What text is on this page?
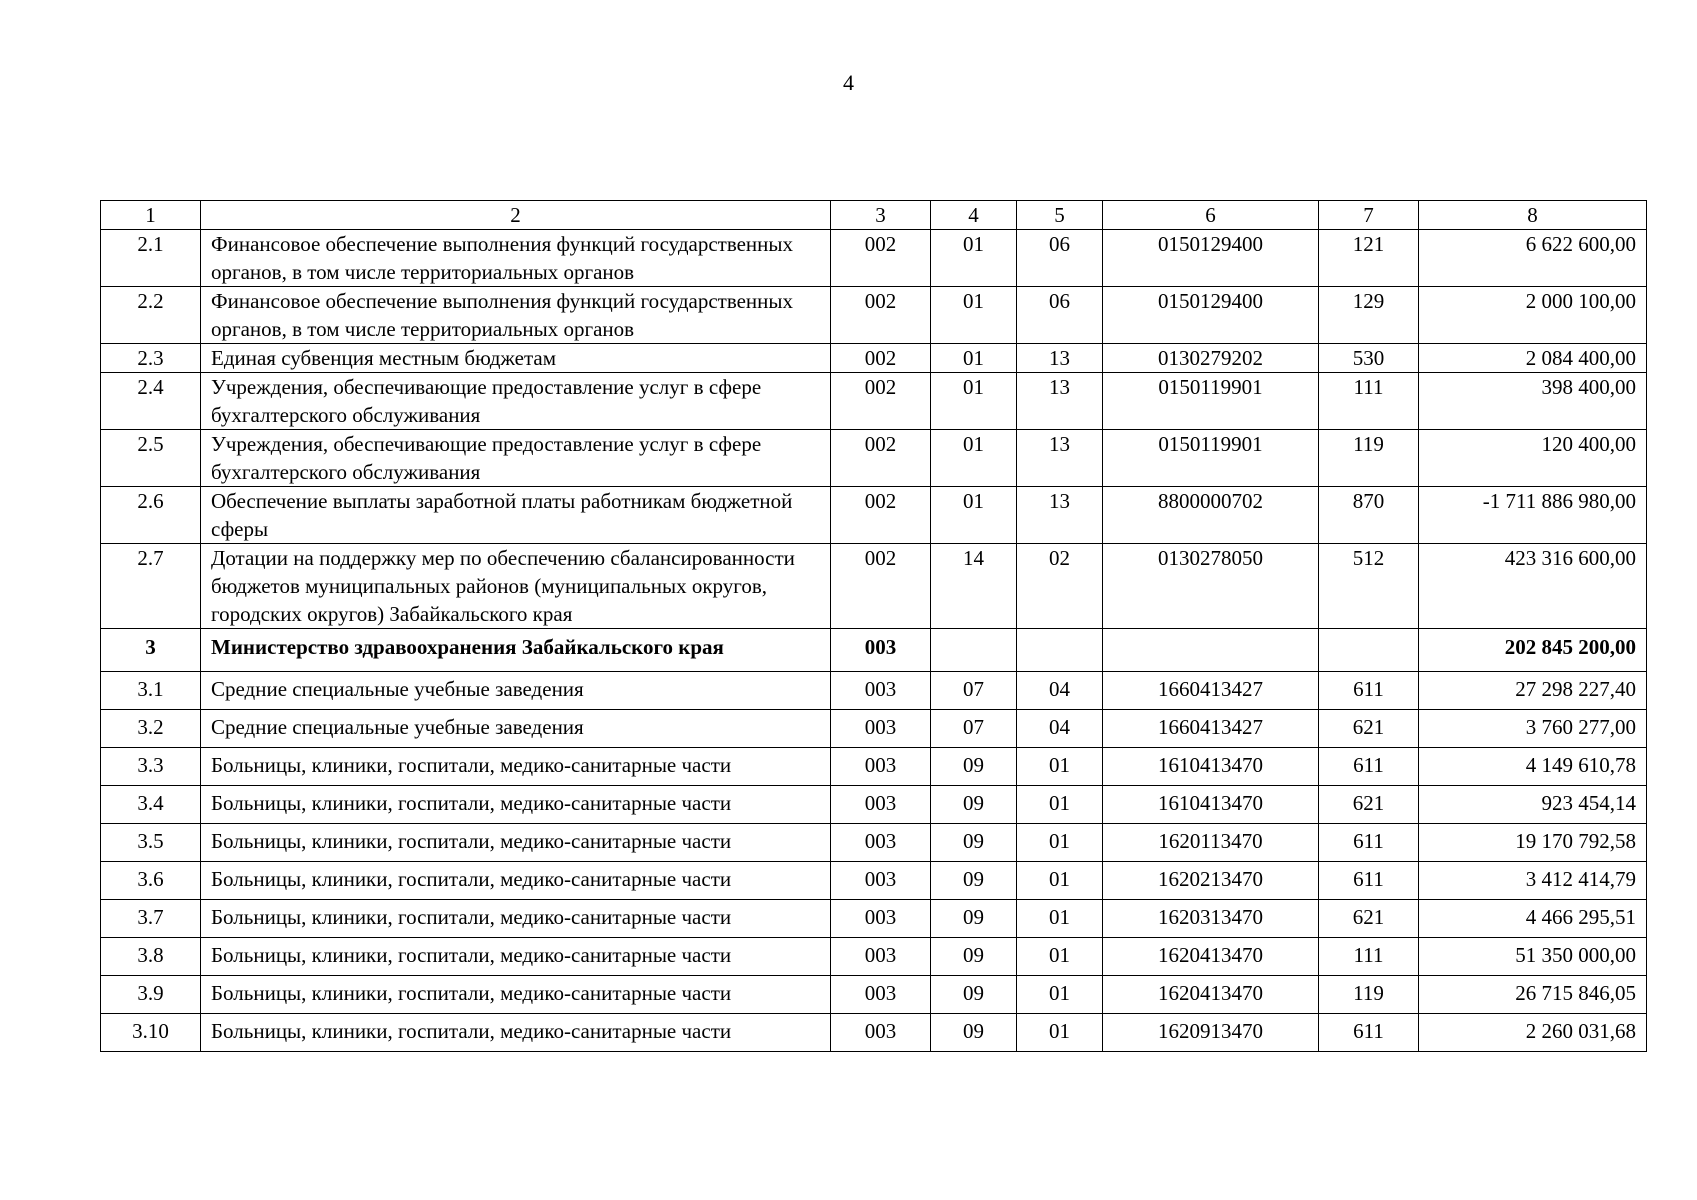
4
1	2	3	4	5	6	7	8
2.1	Финансовое обеспечение выполнения функций государственных органов, в том числе территориальных органов	002	01	06	0150129400	121	6 622 600,00
2.2	Финансовое обеспечение выполнения функций государственных органов, в том числе территориальных органов	002	01	06	0150129400	129	2 000 100,00
2.3	Единая субвенция местным бюджетам	002	01	13	0130279202	530	2 084 400,00
2.4	Учреждения, обеспечивающие предоставление услуг в сфере бухгалтерского обслуживания	002	01	13	0150119901	111	398 400,00
2.5	Учреждения, обеспечивающие предоставление услуг в сфере бухгалтерского обслуживания	002	01	13	0150119901	119	120 400,00
2.6	Обеспечение выплаты заработной платы работникам бюджетной сферы	002	01	13	8800000702	870	-1 711 886 980,00
2.7	Дотации на поддержку мер по обеспечению сбалансированности бюджетов муниципальных районов (муниципальных округов, городских округов) Забайкальского края	002	14	02	0130278050	512	423 316 600,00
3	Министерство здравоохранения Забайкальского края	003					202 845 200,00
3.1	Средние специальные учебные заведения	003	07	04	1660413427	611	27 298 227,40
3.2	Средние специальные учебные заведения	003	07	04	1660413427	621	3 760 277,00
3.3	Больницы, клиники, госпитали, медико-санитарные части	003	09	01	1610413470	611	4 149 610,78
3.4	Больницы, клиники, госпитали, медико-санитарные части	003	09	01	1610413470	621	923 454,14
3.5	Больницы, клиники, госпитали, медико-санитарные части	003	09	01	1620113470	611	19 170 792,58
3.6	Больницы, клиники, госпитали, медико-санитарные части	003	09	01	1620213470	611	3 412 414,79
3.7	Больницы, клиники, госпитали, медико-санитарные части	003	09	01	1620313470	621	4 466 295,51
3.8	Больницы, клиники, госпитали, медико-санитарные части	003	09	01	1620413470	111	51 350 000,00
3.9	Больницы, клиники, госпитали, медико-санитарные части	003	09	01	1620413470	119	26 715 846,05
3.10	Больницы, клиники, госпитали, медико-санитарные части	003	09	01	1620913470	611	2 260 031,68
